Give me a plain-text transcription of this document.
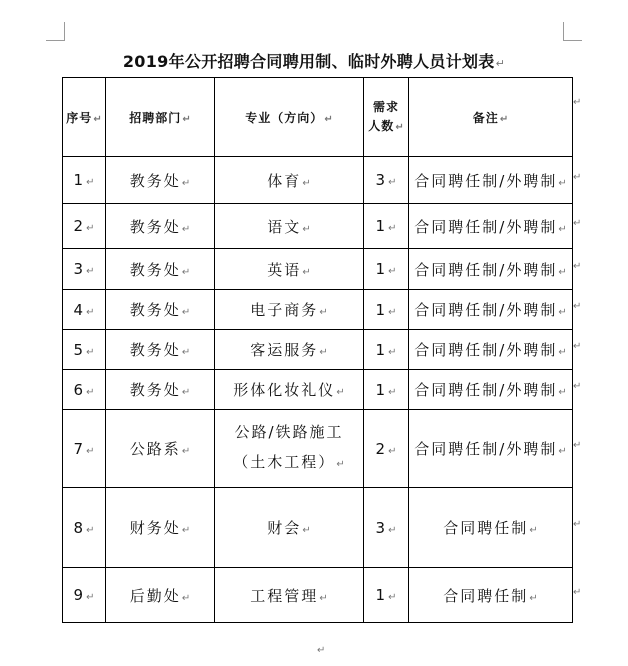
2019年公开招聘合同聘用制、临时外聘人员计划表↵
序号↵	招聘部门↵	专业（方向）↵	需求
人数↵	备注↵
1↵	教务处↵	体育↵	3↵	合同聘任制/外聘制↵
2↵	教务处↵	语文↵	1↵	合同聘任制/外聘制↵
3↵	教务处↵	英语↵	1↵	合同聘任制/外聘制↵
4↵	教务处↵	电子商务↵	1↵	合同聘任制/外聘制↵
5↵	教务处↵	客运服务↵	1↵	合同聘任制/外聘制↵
6↵	教务处↵	形体化妆礼仪↵	1↵	合同聘任制/外聘制↵
7↵	公路系↵	公路/铁路施工
（土木工程）↵	2↵	合同聘任制/外聘制↵
8↵	财务处↵	财会↵	3↵	合同聘任制↵
9↵	后勤处↵	工程管理↵	1↵	合同聘任制↵
↵
↵
↵
↵
↵
↵
↵
↵
↵
↵
↵
